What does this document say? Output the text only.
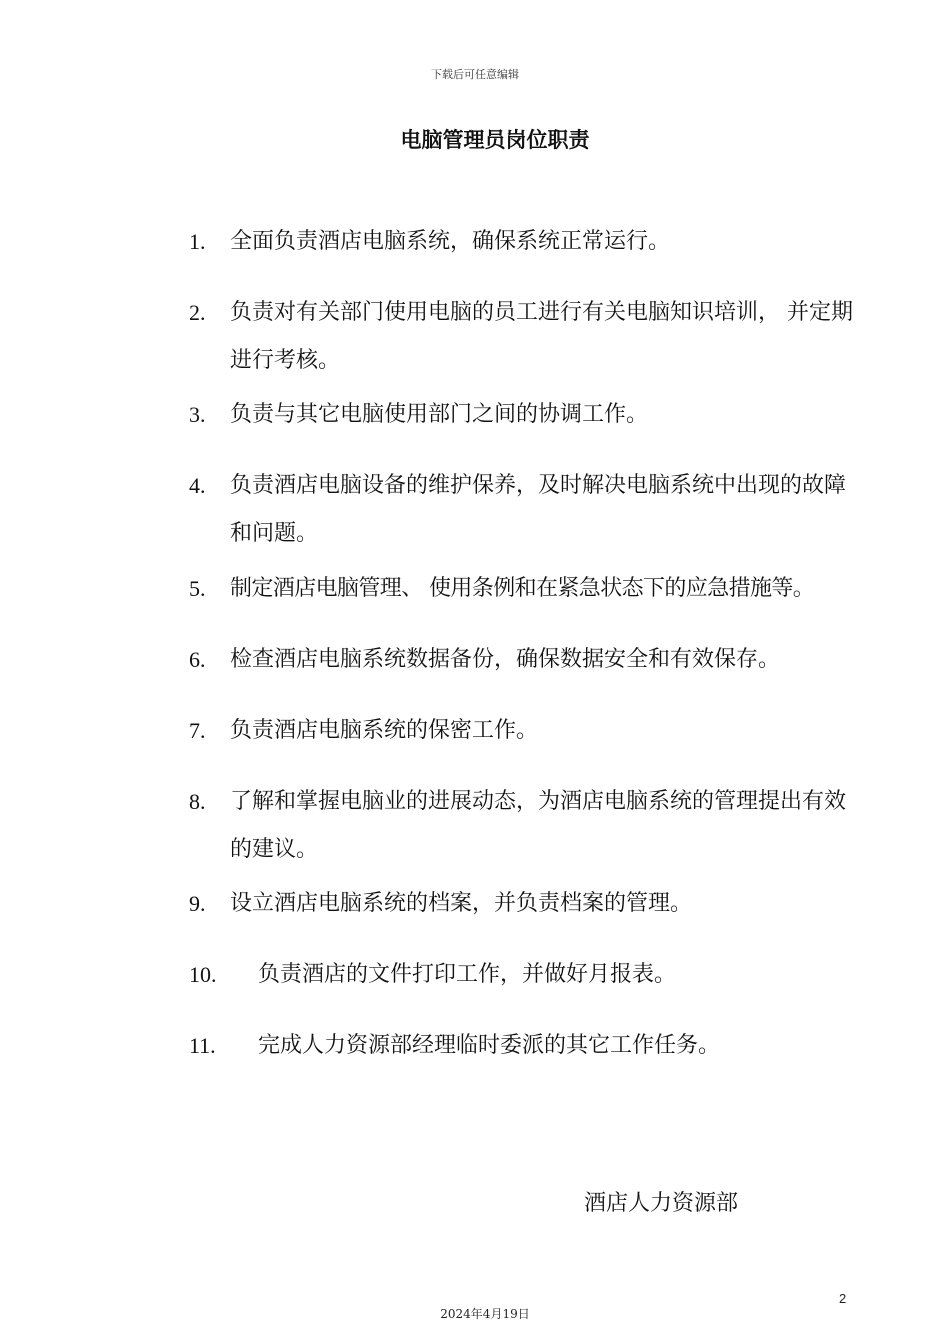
下载后可任意编辑
电脑管理员岗位职责
1. 全面负责酒店电脑系统，确保系统正常运行。
2. 负责对有关部门使用电脑的员工进行有关电脑知识培训， 并定期进行考核。
3. 负责与其它电脑使用部门之间的协调工作。
4. 负责酒店电脑设备的维护保养，及时解决电脑系统中出现的故障和问题。
5. 制定酒店电脑管理、 使用条例和在紧急状态下的应急措施等。
6. 检查酒店电脑系统数据备份，确保数据安全和有效保存。
7. 负责酒店电脑系统的保密工作。
8. 了解和掌握电脑业的进展动态，为酒店电脑系统的管理提出有效的建议。
9. 设立酒店电脑系统的档案，并负责档案的管理。
10. 负责酒店的文件打印工作，并做好月报表。
11. 完成人力资源部经理临时委派的其它工作任务。
酒店人力资源部
2
2024年4月19日
